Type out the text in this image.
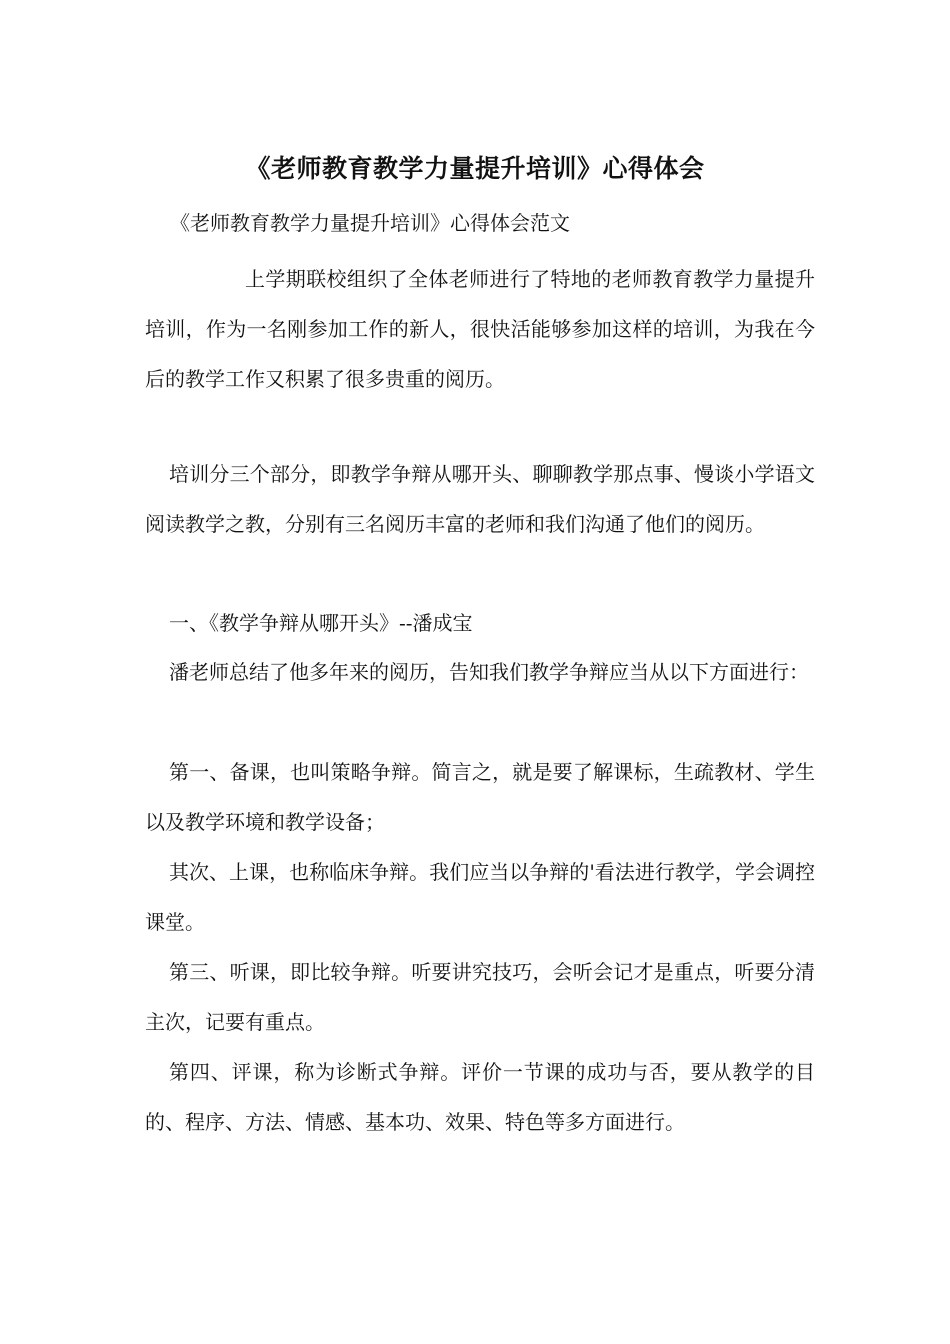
《老师教育教学力量提升培训》心得体会
《老师教育教学力量提升培训》心得体会范文

上学期联校组织了全体老师进行了特地的老师教育教学力量提升培训，作为一名刚参加工作的新人，很快活能够参加这样的培训，为我在今后的教学工作又积累了很多贵重的阅历。

培训分三个部分，即教学争辩从哪开头、聊聊教学那点事、慢谈小学语文阅读教学之教，分别有三名阅历丰富的老师和我们沟通了他们的阅历。

一、《教学争辩从哪开头》--潘成宝

潘老师总结了他多年来的阅历，告知我们教学争辩应当从以下方面进行：

第一、备课，也叫策略争辩。简言之，就是要了解课标，生疏教材、学生以及教学环境和教学设备；

其次、上课，也称临床争辩。我们应当以争辩的'看法进行教学，学会调控课堂。

第三、听课，即比较争辩。听要讲究技巧，会听会记才是重点，听要分清主次，记要有重点。

第四、评课，称为诊断式争辩。评价一节课的成功与否，要从教学的目的、程序、方法、情感、基本功、效果、特色等多方面进行。
